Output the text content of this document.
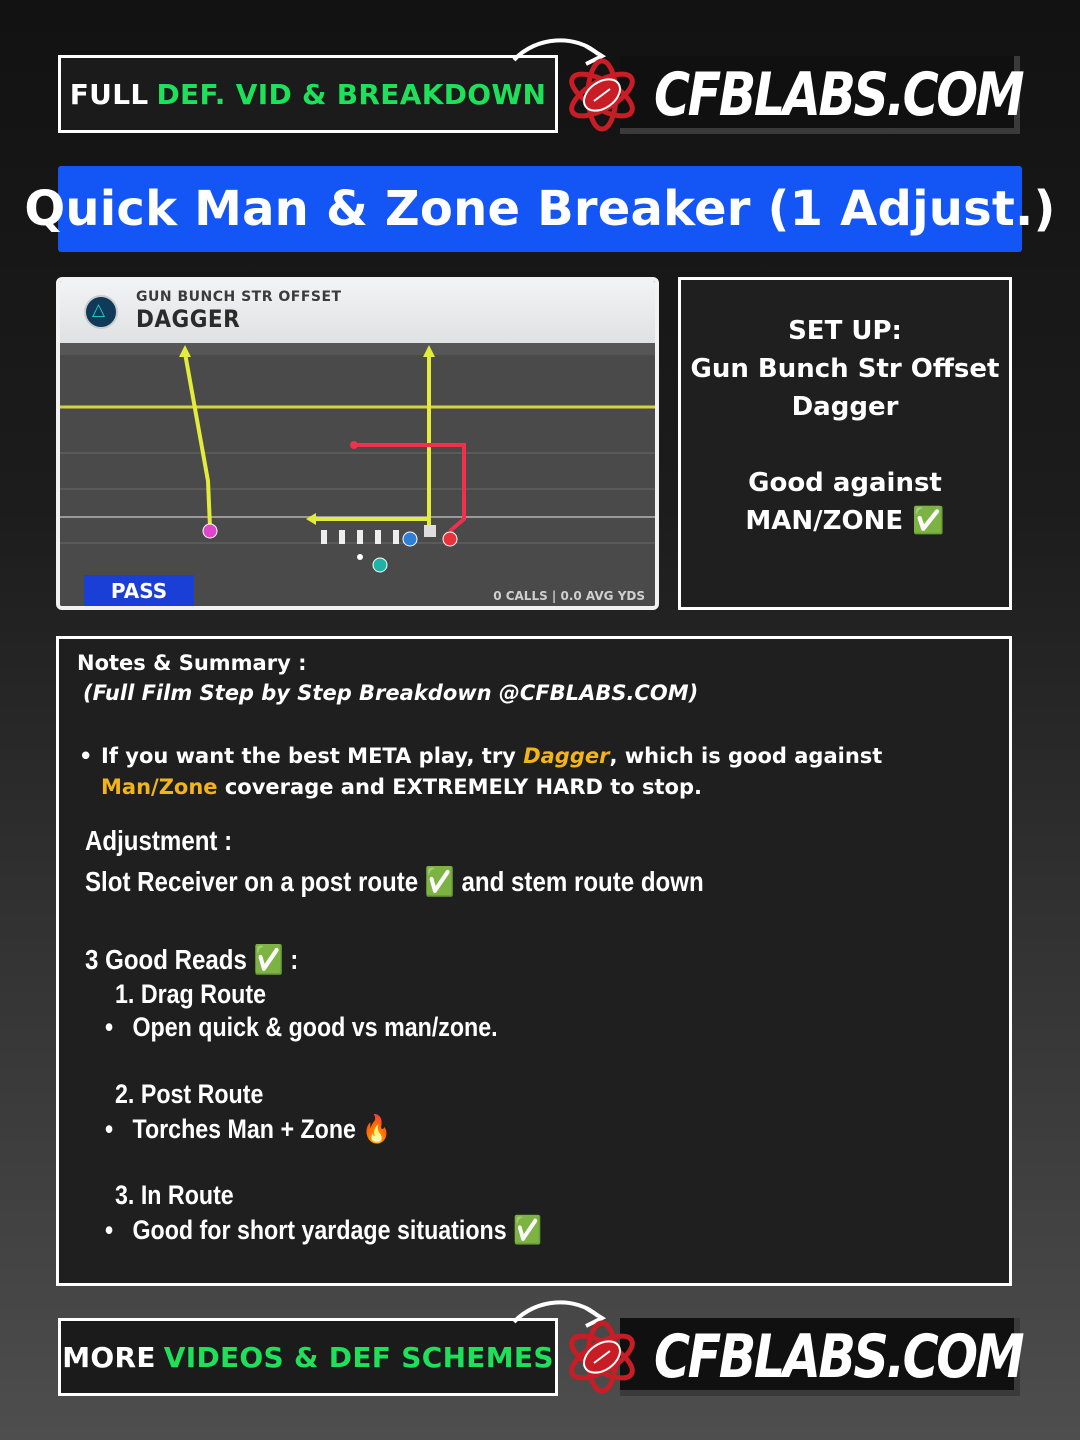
FULL DEF. VID & BREAKDOWN CFBLABS.COM
Quick Man & Zone Breaker (1 Adjust.)
△
GUN BUNCH STR OFFSET
DAGGER
PASS	0 CALLS | 0.0 AVG YDS
SET UP:
Gun Bunch Str Offset
Dagger
Good against
MAN/ZONE ✅
Notes & Summary :
(Full Film Step by Step Breakdown @CFBLABS.COM)
• If you want the best META play, try Dagger, which is good against Man/Zone coverage and EXTREMELY HARD to stop.
Adjustment :
Slot Receiver on a post route ✅ and stem route down
3 Good Reads ✅ :
1. Drag Route
•   Open quick & good vs man/zone.
2. Post Route
•   Torches Man + Zone 🔥
3. In Route
•   Good for short yardage situations ✅
MORE VIDEOS & DEF SCHEMES CFBLABS.COM
